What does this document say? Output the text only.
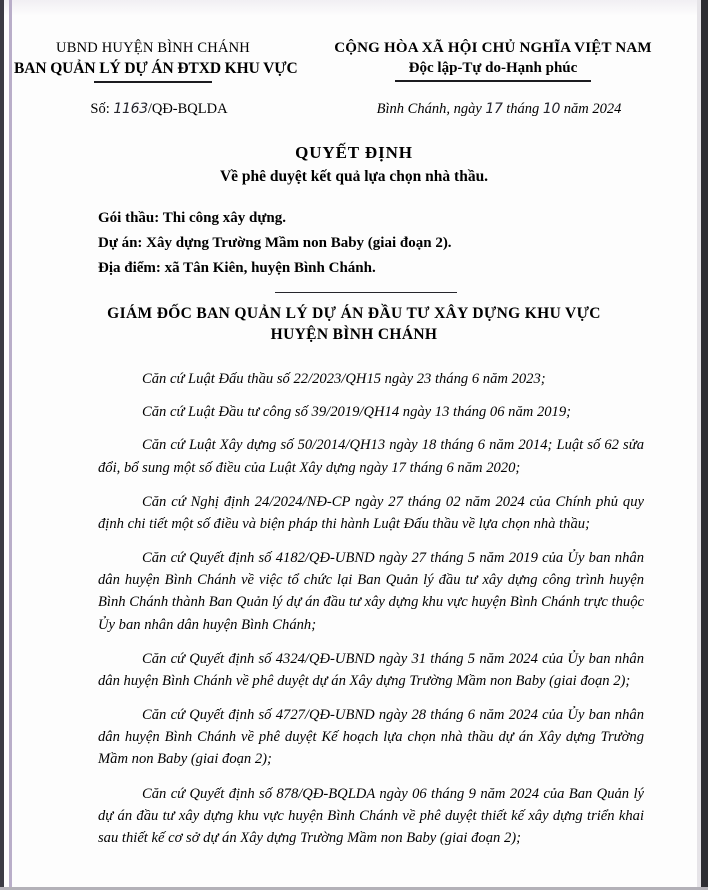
UBND HUYỆN BÌNH CHÁNH
BAN QUẢN LÝ DỰ ÁN ĐTXD KHU VỰC
CỘNG HÒA XÃ HỘI CHỦ NGHĨA VIỆT NAM
Độc lập-Tự do-Hạnh phúc
Số: 1163/QĐ-BQLDA	Bình Chánh, ngày 17 tháng 10 năm 2024
QUYẾT ĐỊNH
Về phê duyệt kết quả lựa chọn nhà thầu.
Gói thầu: Thi công xây dựng.
Dự án: Xây dựng Trường Mầm non Baby (giai đoạn 2).
Địa điểm: xã Tân Kiên, huyện Bình Chánh.
GIÁM ĐỐC BAN QUẢN LÝ DỰ ÁN ĐẦU TƯ XÂY DỰNG KHU VỰC
HUYỆN BÌNH CHÁNH
Căn cứ Luật Đấu thầu số 22/2023/QH15 ngày 23 tháng 6 năm 2023;
Căn cứ Luật Đầu tư công số 39/2019/QH14 ngày 13 tháng 06 năm 2019;
Căn cứ Luật Xây dựng số 50/2014/QH13 ngày 18 tháng 6 năm 2014; Luật số 62 sửa đổi, bổ sung một số điều của Luật Xây dựng ngày 17 tháng 6 năm 2020;
Căn cứ Nghị định 24/2024/NĐ-CP ngày 27 tháng 02 năm 2024 của Chính phủ quy định chi tiết một số điều và biện pháp thi hành Luật Đấu thầu về lựa chọn nhà thầu;
Căn cứ Quyết định số 4182/QĐ-UBND ngày 27 tháng 5 năm 2019 của Ủy ban nhân dân huyện Bình Chánh về việc tổ chức lại Ban Quản lý đầu tư xây dựng công trình huyện Bình Chánh thành Ban Quản lý dự án đầu tư xây dựng khu vực huyện Bình Chánh trực thuộc Ủy ban nhân dân huyện Bình Chánh;
Căn cứ Quyết định số 4324/QĐ-UBND ngày 31 tháng 5 năm 2024 của Ủy ban nhân dân huyện Bình Chánh về phê duyệt dự án Xây dựng Trường Mầm non Baby (giai đoạn 2);
Căn cứ Quyết định số 4727/QĐ-UBND ngày 28 tháng 6 năm 2024 của Ủy ban nhân dân huyện Bình Chánh về phê duyệt Kế hoạch lựa chọn nhà thầu dự án Xây dựng Trường Mầm non Baby (giai đoạn 2);
Căn cứ Quyết định số 878/QĐ-BQLDA ngày 06 tháng 9 năm 2024 của Ban Quản lý dự án đầu tư xây dựng khu vực huyện Bình Chánh về phê duyệt thiết kế xây dựng triển khai sau thiết kế cơ sở dự án Xây dựng Trường Mầm non Baby (giai đoạn 2);
